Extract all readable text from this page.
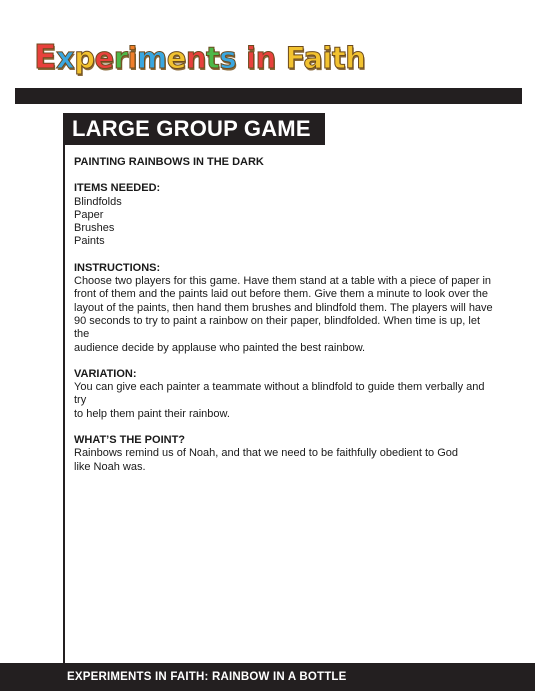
Experiments in Faith
LARGE GROUP GAME
PAINTING RAINBOWS IN THE DARK
ITEMS NEEDED:
Blindfolds
Paper
Brushes
Paints
INSTRUCTIONS:
Choose two players for this game. Have them stand at a table with a piece of paper in
front of them and the paints laid out before them. Give them a minute to look over the
layout of the paints, then hand them brushes and blindfold them. The players will have
90 seconds to try to paint a rainbow on their paper, blindfolded. When time is up, let the
audience decide by applause who painted the best rainbow.
VARIATION:
You can give each painter a teammate without a blindfold to guide them verbally and try
to help them paint their rainbow.
WHAT’S THE POINT?
Rainbows remind us of Noah, and that we need to be faithfully obedient to God
like Noah was.
EXPERIMENTS IN FAITH: RAINBOW IN A BOTTLE
